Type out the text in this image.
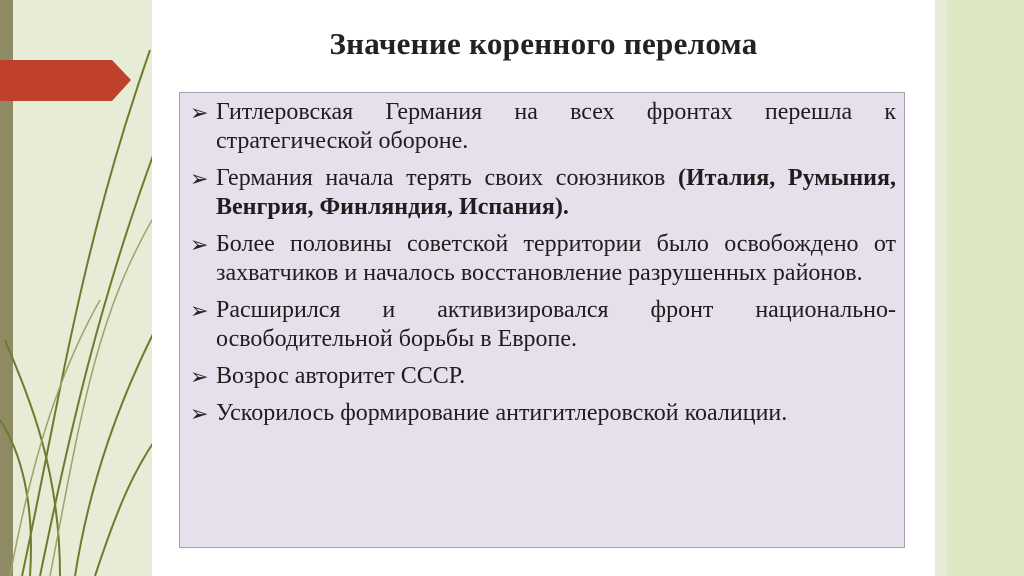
Значение коренного перелома
➢ Гитлеровская Германия на всех фронтах перешла к стратегической обороне.
➢ Германия начала терять своих союзников (Италия, Румыния, Венгрия, Финляндия, Испания).
➢ Более половины советской территории было освобождено от захватчиков и началось восстановление разрушенных районов.
➢ Расширился и активизировался фронт национально-освободительной борьбы в Европе.
➢ Возрос авторитет СССР.
➢ Ускорилось формирование антигитлеровской коалиции.
